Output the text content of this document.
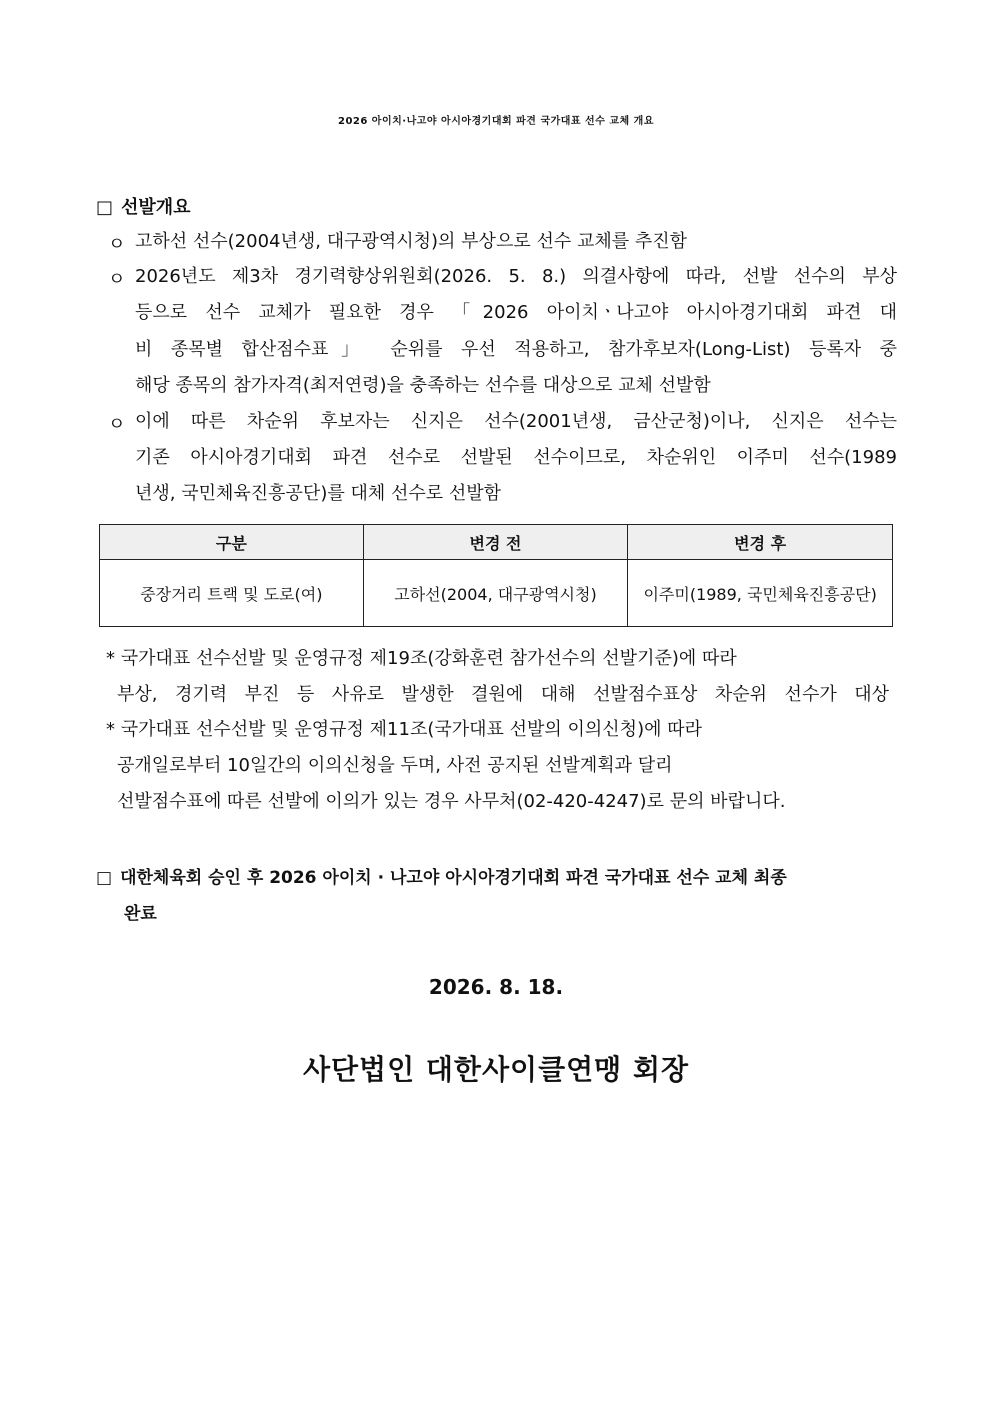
2026 아이치·나고야 아시아경기대회 파견 국가대표 선수 교체 개요
□ 선발개요
ㅇ 고하선 선수(2004년생, 대구광역시청)의 부상으로 선수 교체를 추진함
ㅇ 2026년도 제3차 경기력향상위원회(2026. 5. 8.) 의결사항에 따라, 선발 선수의 부상
등으로 선수 교체가 필요한 경우 「2026 아이치ㆍ나고야 아시아경기대회 파견 대
비 종목별 합산점수표」 순위를 우선 적용하고, 참가후보자(Long-List) 등록자 중
해당 종목의 참가자격(최저연령)을 충족하는 선수를 대상으로 교체 선발함
ㅇ 이에 따른 차순위 후보자는 신지은 선수(2001년생, 금산군청)이나, 신지은 선수는
기존 아시아경기대회 파견 선수로 선발된 선수이므로, 차순위인 이주미 선수(1989
년생, 국민체육진흥공단)를 대체 선수로 선발함
구분	변경 전	변경 후
중장거리 트랙 및 도로(여)	고하선(2004, 대구광역시청)	이주미(1989, 국민체육진흥공단)
* 국가대표 선수선발 및 운영규정 제19조(강화훈련 참가선수의 선발기준)에 따라
부상, 경기력 부진 등 사유로 발생한 결원에 대해 선발점수표상 차순위 선수가 대상
* 국가대표 선수선발 및 운영규정 제11조(국가대표 선발의 이의신청)에 따라
공개일로부터 10일간의 이의신청을 두며, 사전 공지된 선발계획과 달리
선발점수표에 따른 선발에 이의가 있는 경우 사무처(02-420-4247)로 문의 바랍니다.
□ 대한체육회 승인 후 2026 아이치 · 나고야 아시아경기대회 파견 국가대표 선수 교체 최종
완료
2026. 8. 18.
사단법인 대한사이클연맹 회장
